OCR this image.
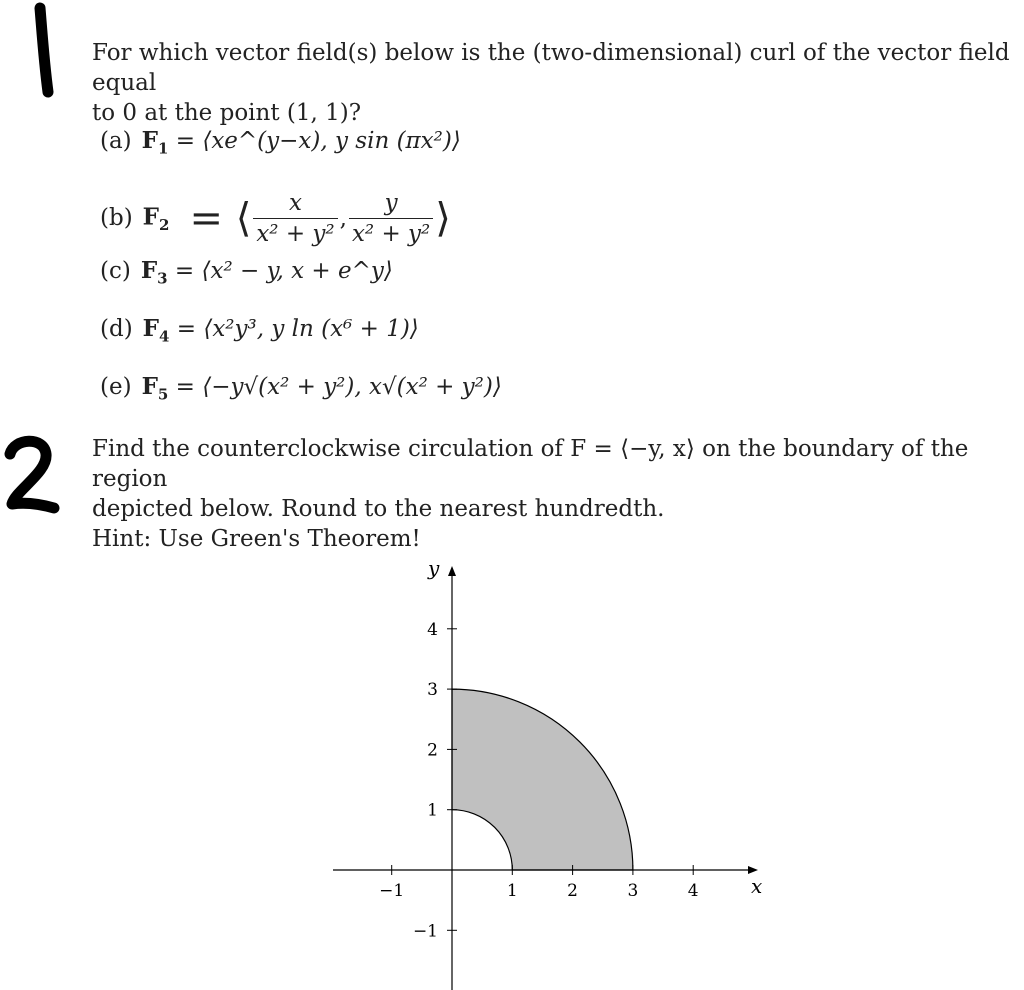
For which vector field(s) below is the (two-dimensional) curl of the vector field equal
to 0 at the point (1, 1)?

(a) $F_1$ = ⟨xe^(y−x), y sin (πx²)⟩
(b) $F_2$  = ⟨ $\frac{x}{\text{x² + y²}}$ , $\frac{y}{\text{x² + y²}}$ ⟩
(c) $F_3$ = ⟨x² − y, x + e^y⟩
(d) $F_4$ = ⟨x²y³, y ln (x⁶ + 1)⟩
(e) $F_5$ = ⟨−y√(x² + y²), x√(x² + y²)⟩

Find the counterclockwise circulation of F = ⟨−y, x⟩ on the boundary of the region
depicted below. Round to the nearest hundredth.
Hint: Use Green's Theorem!

−1	1	2	3	4
4
3
2
1
−1
x
y
